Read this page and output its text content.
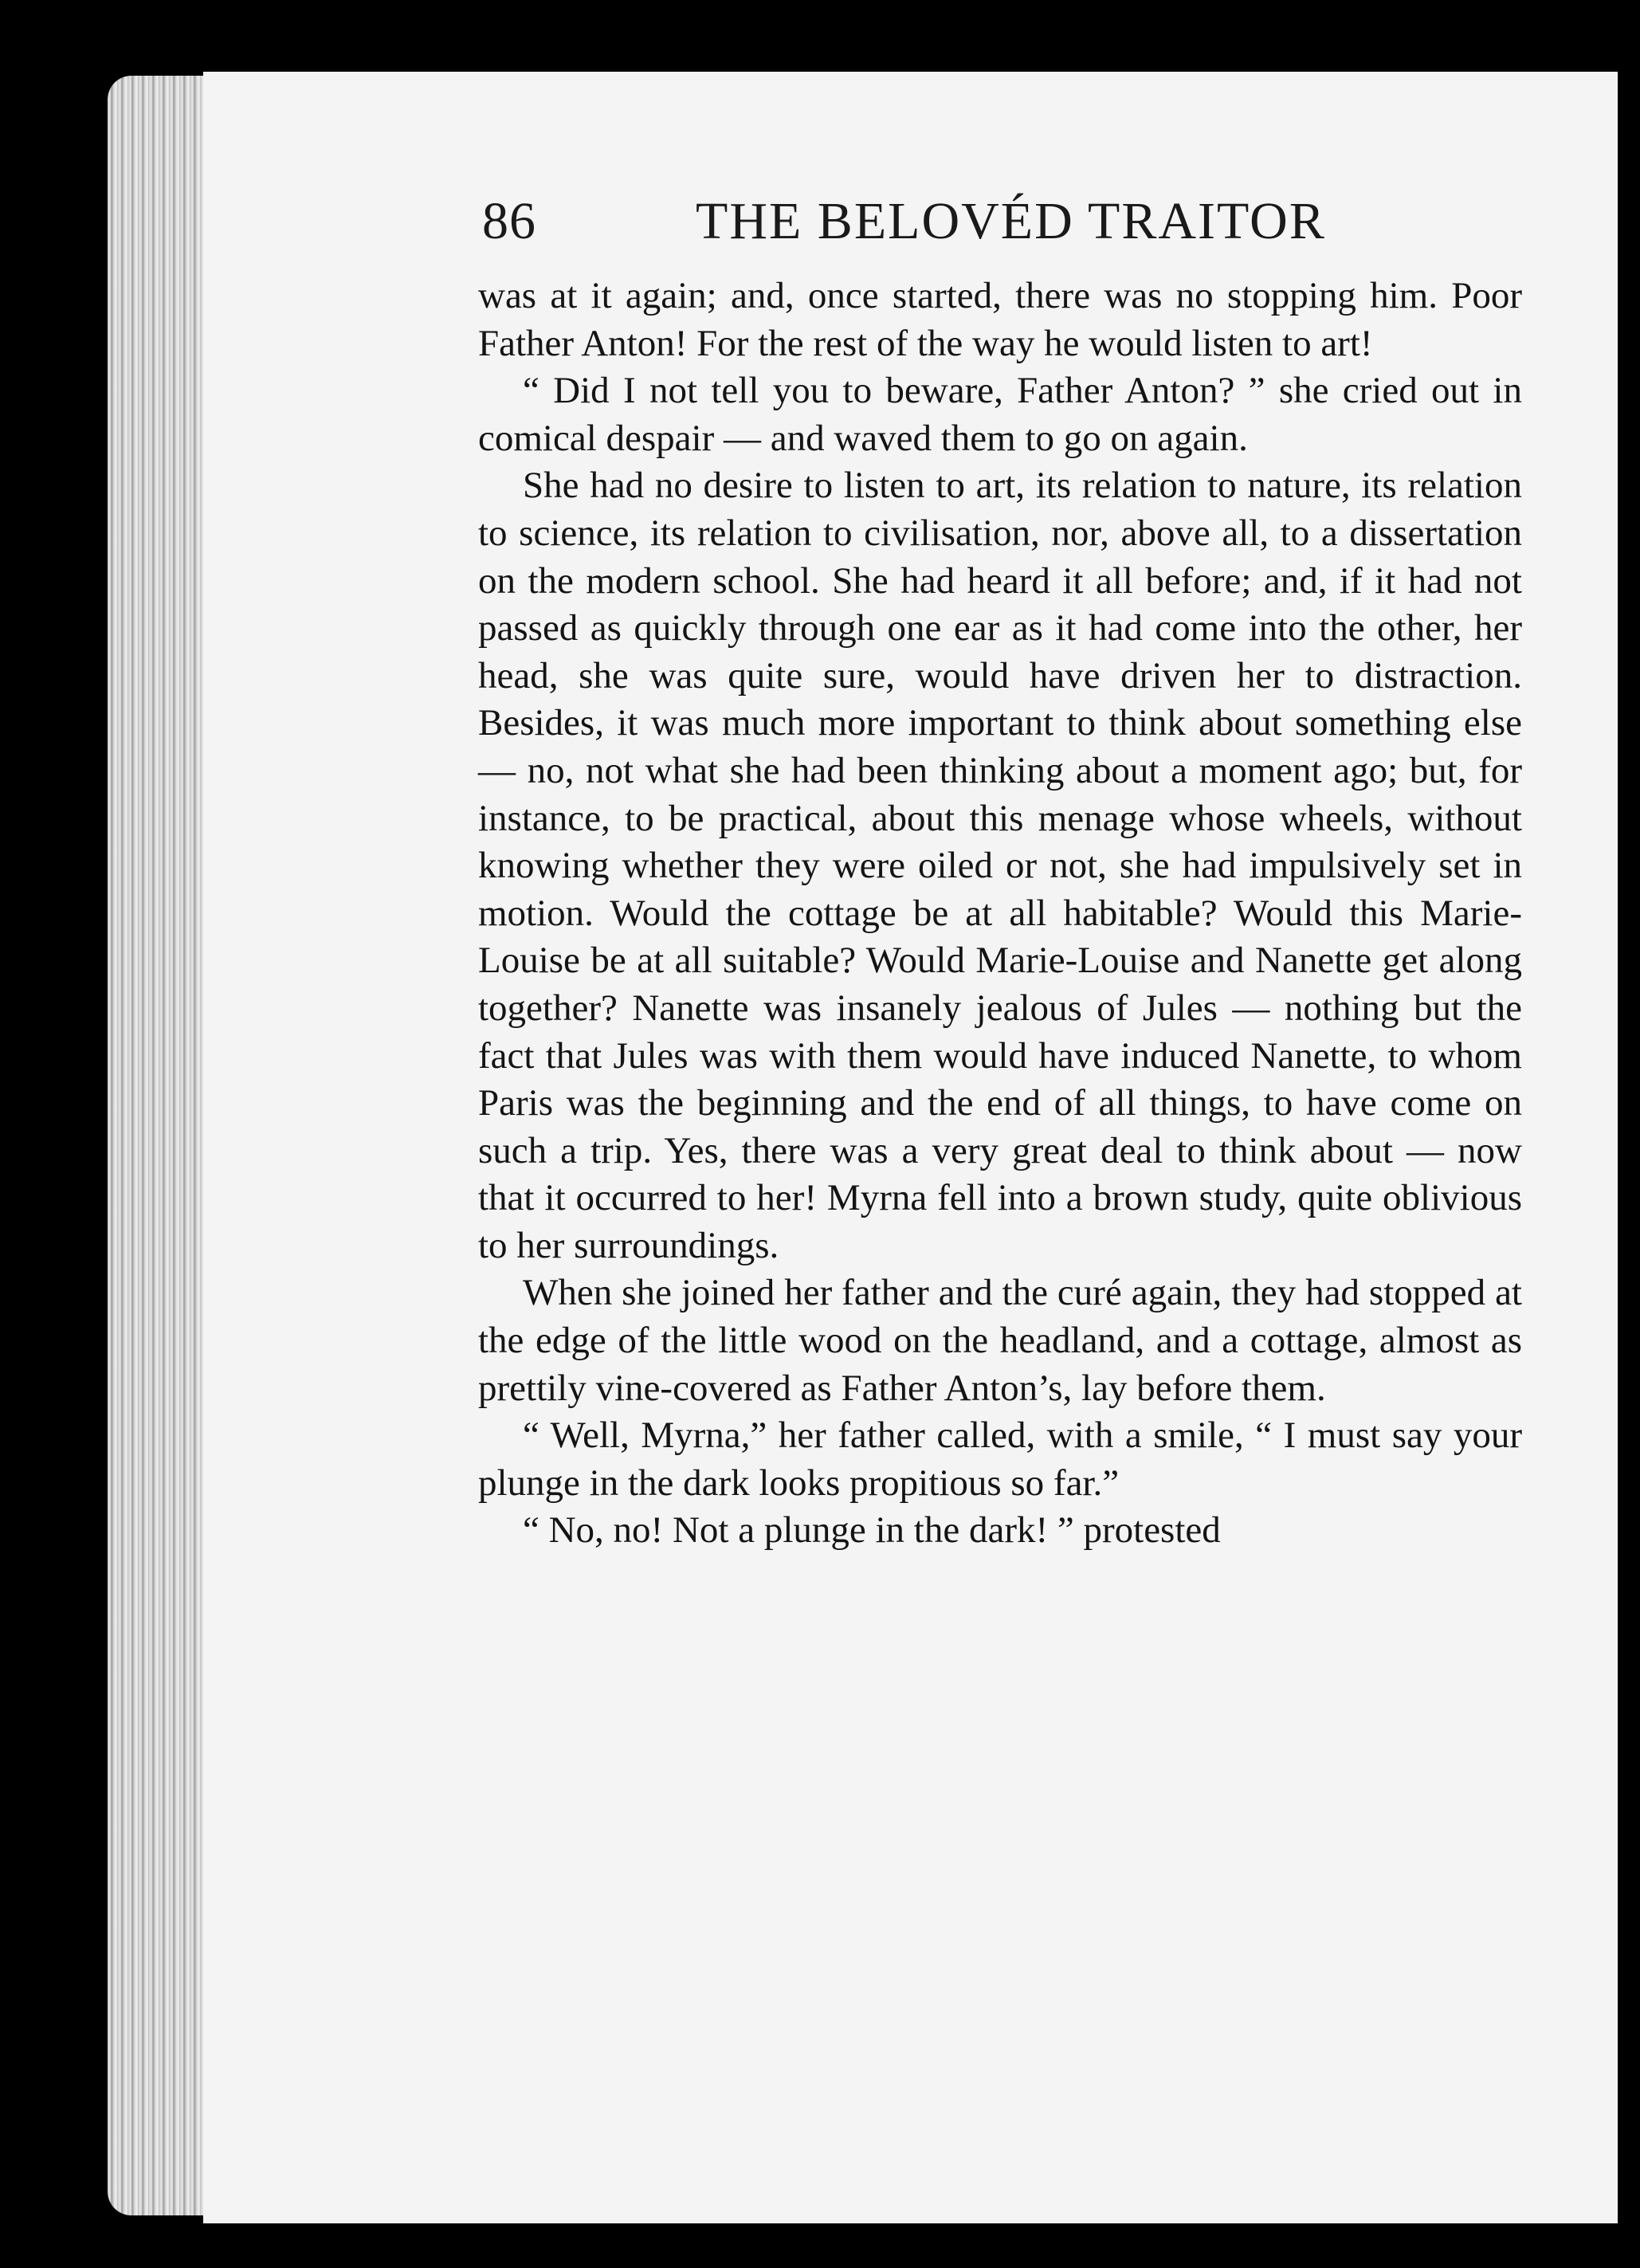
86	THE BELOVÉD TRAITOR

was at it again; and, once started, there was no stopping him. Poor Father Anton! For the rest of the way he would listen to art!

“ Did I not tell you to beware, Father Anton? ” she cried out in comical despair — and waved them to go on again.

She had no desire to listen to art, its relation to nature, its relation to science, its relation to civilisation, nor, above all, to a dissertation on the modern school. She had heard it all before; and, if it had not passed as quickly through one ear as it had come into the other, her head, she was quite sure, would have driven her to distraction. Besides, it was much more important to think about something else — no, not what she had been thinking about a moment ago; but, for instance, to be practical, about this menage whose wheels, without knowing whether they were oiled or not, she had impulsively set in motion. Would the cottage be at all habitable? Would this Marie-Louise be at all suitable? Would Marie-Louise and Nanette get along together? Nanette was insanely jealous of Jules — nothing but the fact that Jules was with them would have induced Nanette, to whom Paris was the beginning and the end of all things, to have come on such a trip. Yes, there was a very great deal to think about — now that it occurred to her! Myrna fell into a brown study, quite oblivious to her surroundings.

When she joined her father and the curé again, they had stopped at the edge of the little wood on the headland, and a cottage, almost as prettily vine-covered as Father Anton’s, lay before them.

“ Well, Myrna,” her father called, with a smile, “ I must say your plunge in the dark looks propitious so far.”

“ No, no! Not a plunge in the dark! ” protested
